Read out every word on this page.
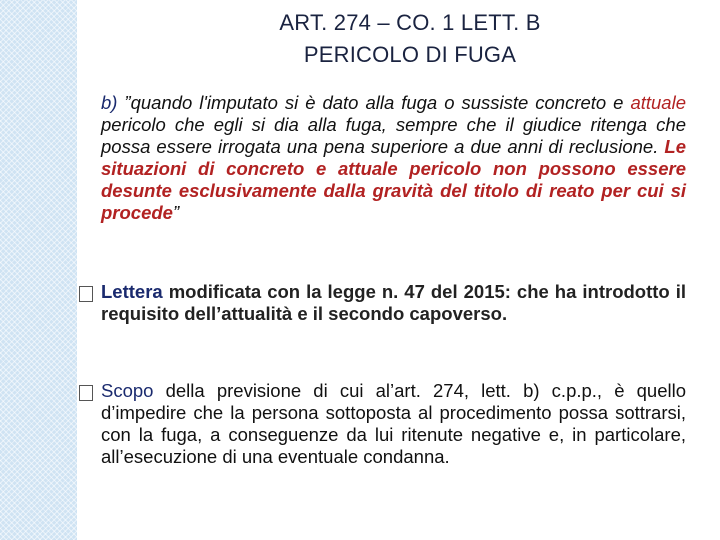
ART. 274 – CO. 1 LETT. B
PERICOLO DI FUGA
b) ”quando l'imputato si è dato alla fuga o sussiste concreto e attuale pericolo che egli si dia alla fuga, sempre che il giudice ritenga che possa essere irrogata una pena superiore a due anni di reclusione. Le situazioni di concreto e attuale pericolo non possono essere desunte esclusivamente dalla gravità del titolo di reato per cui si procede”
Lettera modificata con la legge n. 47 del 2015: che ha introdotto il requisito dell’attualità e il secondo capoverso.
Scopo della previsione di cui al’art. 274, lett. b) c.p.p., è quello d’impedire che la persona sottoposta al procedimento possa sottrarsi, con la fuga, a conseguenze da lui ritenute negative e, in particolare, all’esecuzione di una eventuale condanna.
